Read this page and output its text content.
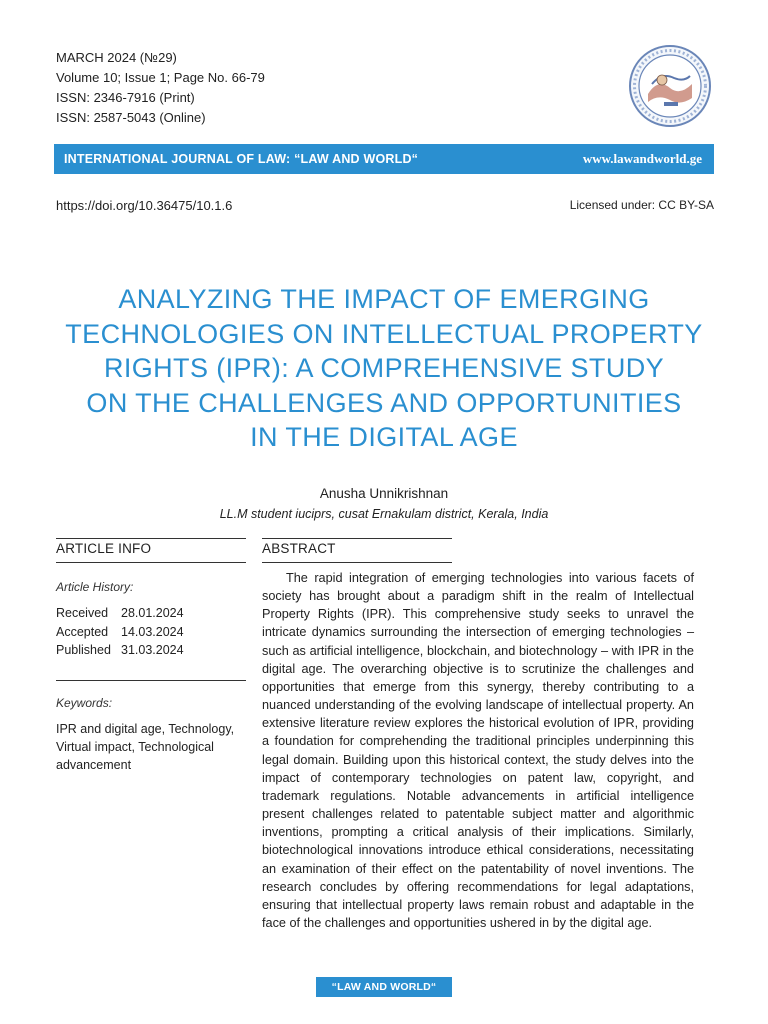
MARCH 2024 (№29)
Volume 10; Issue 1; Page No. 66-79
ISSN: 2346-7916 (Print)
ISSN: 2587-5043 (Online)
INTERNATIONAL JOURNAL OF LAW: “LAW AND WORLD“	www.lawandworld.ge
https://doi.org/10.36475/10.1.6	Licensed under: CC BY-SA
ANALYZING THE IMPACT OF EMERGING
TECHNOLOGIES ON INTELLECTUAL PROPERTY
RIGHTS (IPR): A COMPREHENSIVE STUDY
ON THE CHALLENGES AND OPPORTUNITIES
IN THE DIGITAL AGE
Anusha Unnikrishnan
LL.M student iuciprs, cusat Ernakulam district, Kerala, India
ARTICLE INFO
Article History:
Received	28.01.2024
Accepted	14.03.2024
Published 31.03.2024
Keywords:
IPR and digital age, Technology, Virtual impact, Technological advancement
ABSTRACT

The rapid integration of emerging technologies into various facets of society has brought about a paradigm shift in the realm of Intellectual Property Rights (IPR). This comprehensive study seeks to unravel the intricate dynamics surrounding the intersection of emerging technologies – such as artificial intelligence, blockchain, and biotechnology – with IPR in the digital age. The overarching objective is to scrutinize the challenges and opportunities that emerge from this synergy, thereby contributing to a nuanced understanding of the evolving landscape of intellectual property. An extensive literature review explores the historical evolution of IPR, providing a foundation for comprehending the traditional principles underpinning this legal domain. Building upon this historical context, the study delves into the impact of contemporary technologies on patent law, copyright, and trademark regulations. Notable advancements in artificial intelligence present challenges related to patentable subject matter and algorithmic inventions, prompting a critical analysis of their implications. Similarly, biotechnological innovations introduce ethical considerations, necessitating an examination of their effect on the patentability of novel inventions. The research concludes by offering recommendations for legal adaptations, ensuring that intellectual property laws remain robust and adaptable in the face of the challenges and opportunities ushered in by the digital age.

“LAW AND WORLD“
